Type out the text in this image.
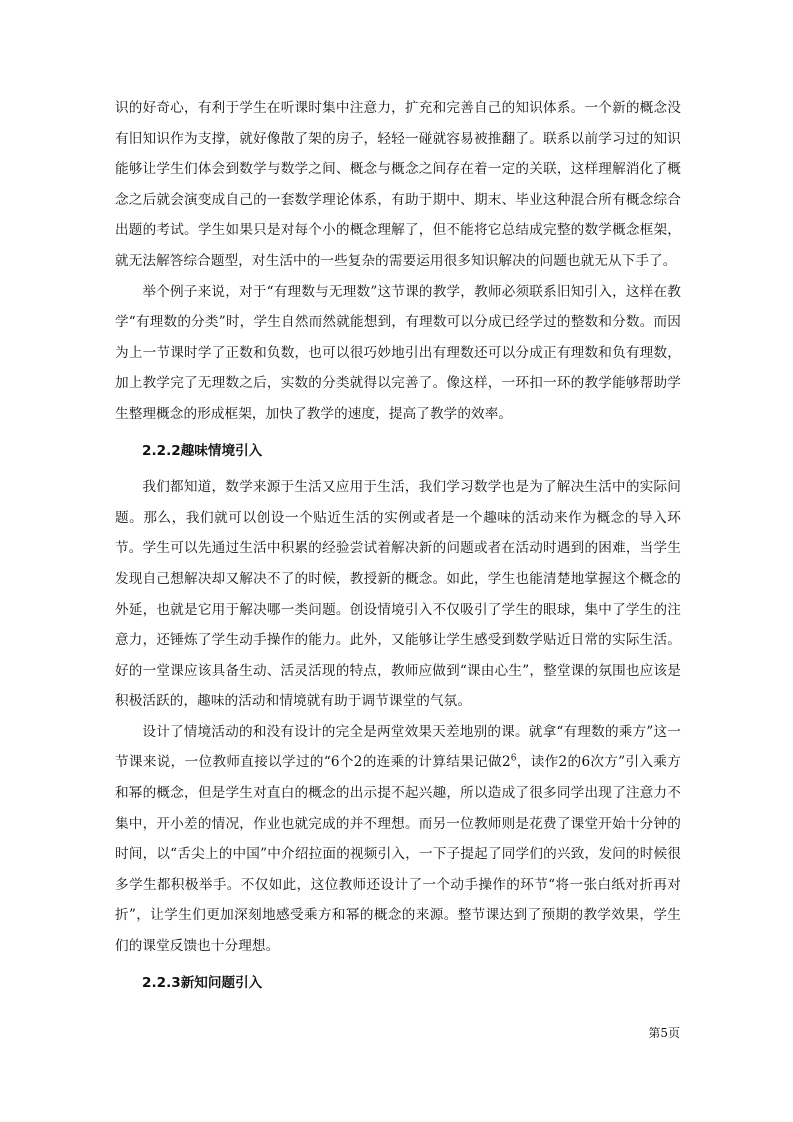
识的好奇心，有利于学生在听课时集中注意力，扩充和完善自己的知识体系。一个新的概念没有旧知识作为支撑，就好像散了架的房子，轻轻一碰就容易被推翻了。联系以前学习过的知识能够让学生们体会到数学与数学之间、概念与概念之间存在着一定的关联，这样理解消化了概念之后就会演变成自己的一套数学理论体系，有助于期中、期末、毕业这种混合所有概念综合出题的考试。学生如果只是对每个小的概念理解了，但不能将它总结成完整的数学概念框架，就无法解答综合题型，对生活中的一些复杂的需要运用很多知识解决的问题也就无从下手了。

举个例子来说，对于“有理数与无理数”这节课的教学，教师必须联系旧知引入，这样在教学“有理数的分类”时，学生自然而然就能想到，有理数可以分成已经学过的整数和分数。而因为上一节课时学了正数和负数，也可以很巧妙地引出有理数还可以分成正有理数和负有理数，加上教学完了无理数之后，实数的分类就得以完善了。像这样，一环扣一环的教学能够帮助学生整理概念的形成框架，加快了教学的速度，提高了教学的效率。

2.2.2趣味情境引入

我们都知道，数学来源于生活又应用于生活，我们学习数学也是为了解决生活中的实际问题。那么，我们就可以创设一个贴近生活的实例或者是一个趣味的活动来作为概念的导入环节。学生可以先通过生活中积累的经验尝试着解决新的问题或者在活动时遇到的困难，当学生发现自己想解决却又解决不了的时候，教授新的概念。如此，学生也能清楚地掌握这个概念的外延，也就是它用于解决哪一类问题。创设情境引入不仅吸引了学生的眼球，集中了学生的注意力，还锤炼了学生动手操作的能力。此外，又能够让学生感受到数学贴近日常的实际生活。好的一堂课应该具备生动、活灵活现的特点，教师应做到“课由心生”，整堂课的氛围也应该是积极活跃的，趣味的活动和情境就有助于调节课堂的气氛。

设计了情境活动的和没有设计的完全是两堂效果天差地别的课。就拿“有理数的乘方”这一节课来说，一位教师直接以学过的“6个2的连乘的计算结果记做$2^6$，读作2的6次方”引入乘方和幂的概念，但是学生对直白的概念的出示提不起兴趣，所以造成了很多同学出现了注意力不集中，开小差的情况，作业也就完成的并不理想。而另一位教师则是花费了课堂开始十分钟的时间，以“舌尖上的中国”中介绍拉面的视频引入，一下子提起了同学们的兴致，发问的时候很多学生都积极举手。不仅如此，这位教师还设计了一个动手操作的环节“将一张白纸对折再对折”，让学生们更加深刻地感受乘方和幂的概念的来源。整节课达到了预期的教学效果，学生们的课堂反馈也十分理想。

2.2.3新知问题引入
第5页
